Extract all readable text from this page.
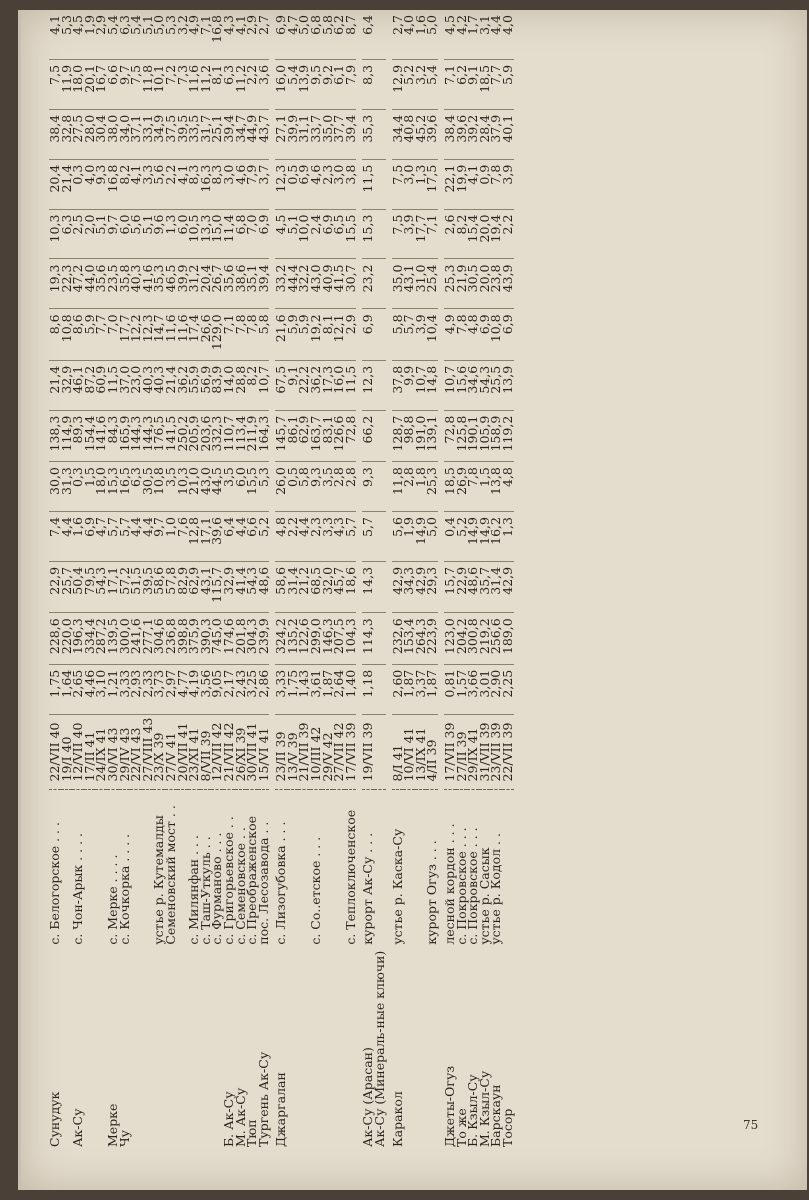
Сунудук	с. Белогорское . . .	22/VII 40	1,75	228,6	22,9	7,4	30,0	138,3	21,4	8,6	19,3	10,3	20,4	38,4	7,5	4,1
		19/I 40	1,64	220,0	25,7	4,4	31,3	114,9	32,9	10,8	22,3	6,3	21,4	32,8	11,9	5,3
Ак-Су	с. Чон-Арык . . . .	12/VII 40	2,65	196,3	50,4	1,6	0,3	89,3	46,1	8,6	47,2	2,5	0,3	27,5	18,0	4,5
		17/II 41	4,46	334,4	79,5	6,9	1,5	154,4	87,2	5,9	44,0	2,0	4,0	28,0	20,1	1,9
		24/IX 41	3,10	287,2	54,3	4,7	18,0	141,6	60,9	7,7	35,6	5,1	9,3	30,4	16,7	2,9
Мерке	с. Мерке . . . .	30/VI 43	1,21	139,5	17,1	5,7	15,3	84,3	11,5	7,0	23,5	9,7	16,8	38,0	6,6	5,4
Чу	с. Кочкорка . . . .	29/IV 43	3,33	300,0	57,2	5,7	16,5	165,9	37,0	17,7	35,8	6,0	8,2	34,0	9,7	6,3
		22/VI 43	2,93	241,6	51,5	4,4	6,3	144,3	23,0	12,2	40,3	5,6	4,1	37,1	7,5	5,4
		27/VIII 43	2,33	277,1	39,5	4,4	30,5	144,3	40,3	12,3	41,6	5,1	3,3	33,1	11,8	5,1
	устье р. Кутемалды	23/X 39	3,73	304,6	58,6	9,7	10,8	176,5	40,3	14,7	35,3	9,6	5,6	34,9	10,1	5,0
	Семеновский мост . .	27/V 41	2,97	236,8	57,8	1,0	3,5	141,5	21,4	11,6	46,5	1,3	2,2	37,5	7,2	5,3
		20/VII 41	4,77	398,8	82,9	7,6	10,3	250,2	36,2	11,6	39,9	6,0	4,1	39,5	7,3	3,2
	с. Милянфан . . .	23/XI 41	4,19	375,9	62,9	12,8	21,0	205,9	55,9	17,4	31,2	10,5	8,3	33,5	11,6	4,9
	с. Таш-Уткуль . .	8/VII 39	3,56	390,3	43,1	17,1	43,0	203,6	56,9	26,6	20,4	13,3	16,3	31,7	11,2	7,1
	с. Фурманово . . .	12/VII 42	9,05	745,0	115,7	39,6	44,5	332,3	83,9	129,0	26,7	15,0	8,3	25,1	8,1	16,8
Б. Ак-Су	с. Григорьевское . .	21/VII 42	2,17	174,6	32,9	6,4	3,5	110,7	14,0	7,1	35,6	11,4	3,0	39,4	6,3	4,3
М. Ак-Су	с. Семеновское . .	26/XI 39	2,43	201,8	41,4	4,4	6,0	113,4	28,8	7,8	38,6	6,8	4,6	34,7	11,2	4,1
Тюп	с. Преображенское	30/VII 41	3,25	304,3	54,3	6,6	15,5	211,9	8,2	7,8	35,1	7,0	7,9	44,9	2,2	2,9
Тургень Ак-Су	пос. Лесозавода . .	15/VI 41	2,86	239,9	48,6	5,2	5,3	164,3	10,7	5,8	39,4	6,9	3,7	43,7	3,6	2,7

Джаргалан	с. Лизогубовка . . .	23/II 39	3,33	324,2	58,6	4,8	26,0	145,7	67,5	21,6	33,2	4,5	12,3	27,1	16,0	6,9
		13/V 39	1,75	135,2	31,4	2,2	0,5	86,1	9,1	5,9	44,4	5,1	0,5	39,9	5,4	4,7
		21/VII 39	1,43	122,6	21,2	4,4	5,8	62,9	22,2	5,9	32,2	10,0	6,9	31,1	13,9	5,0
	с. Со..етское . . .	10/III 42	3,61	299,0	68,5	2,3	9,3	163,7	36,2	19,2	43,0	2,4	4,6	33,7	9,5	6,8
		29/V 42	1,87	146,3	32,0	3,3	3,5	83,1	17,3	8,1	40,9	6,9	2,3	35,0	9,2	5,8
		27/VII 42	2,64	207,5	45,7	4,3	2,8	126,6	16,0	12,1	41,5	6,5	3,0	37,7	6,1	6,2
	с. Теплоключенское	17/VII 39	1,40	104,3	18,6	5,7	2,8	72,8	11,5	2,9	30,7	15,5	3,8	39,4	7,9	8,7

Ак-Су (Арасан)	курорт Ак-Су . . .	19/VII 39	1,18	114,3	14,3	5,7	9,3	66,2	12,3	6,9	23,2	15,3	11,5	35,3	8,3	6,4
Ак-Су (Минераль-ные ключи)																

Каракол	устье р. Каска-Су	8/I 41	2,60	232,6	42,9	5,6	11,8	128,7	37,8	5,8	35,0	7,5	7,5	34,4	12,9	2,7
		10/VI 41	1,87	153,4	34,3	1,9	2,8	98,8	9,9	5,7	43,1	3,9	3,0	40,8	5,2	4,0
		13/IX 41	3,37	264,3	42,9	14,9	1,8	191,0	10,7	3,9	31,0	17,7	1,3	45,2	3,2	1,6
	курорт Огуз . . .	4/II 39	1,87	223,9	29,3	5,0	25,3	139,1	14,8	10,4	25,4	7,1	17,5	39,6	5,4	5,0

Джеты-Огуз	лесной кордон . . .	17/VII 39	0,81	123,0	15,7	0,4	18,5	72,8	10,7	4,9	25,3	2,6	22,1	38,4	7,1	4,5
То же	с. Покровское . . .	27/II 39	1,57	204,2	22,9	5,2	26,9	125,8	15,6	7,8	21,9	8,2	19,9	39,6	6,2	4,2
Б. Кзыл-Су	с. Покровское . . .	29/IX 41	3,66	300,8	48,6	14,9	7,8	190,1	34,6	4,8	30,5	15,4	4,1	39,2	9,1	1,7
М. Кзыл-Су	устье р. Сасык	31/VII 39	3,01	219,2	35,7	14,9	1,5	105,9	54,3	6,9	20,0	20,0	0,9	28,4	18,5	3,1
Барскаун	устье р. Кодол . .	23/VII 39	2,90	256,6	31,4	16,2	13,8	158,9	25,5	10,8	23,8	19,4	7,8	37,9	7,7	4,4
Тосор		22/VII 39	2,25	189,0	42,9	1,3	4,8	119,2	13,9	6,9	43,9	2,2	3,9	40,1	5,9	4,0
75
